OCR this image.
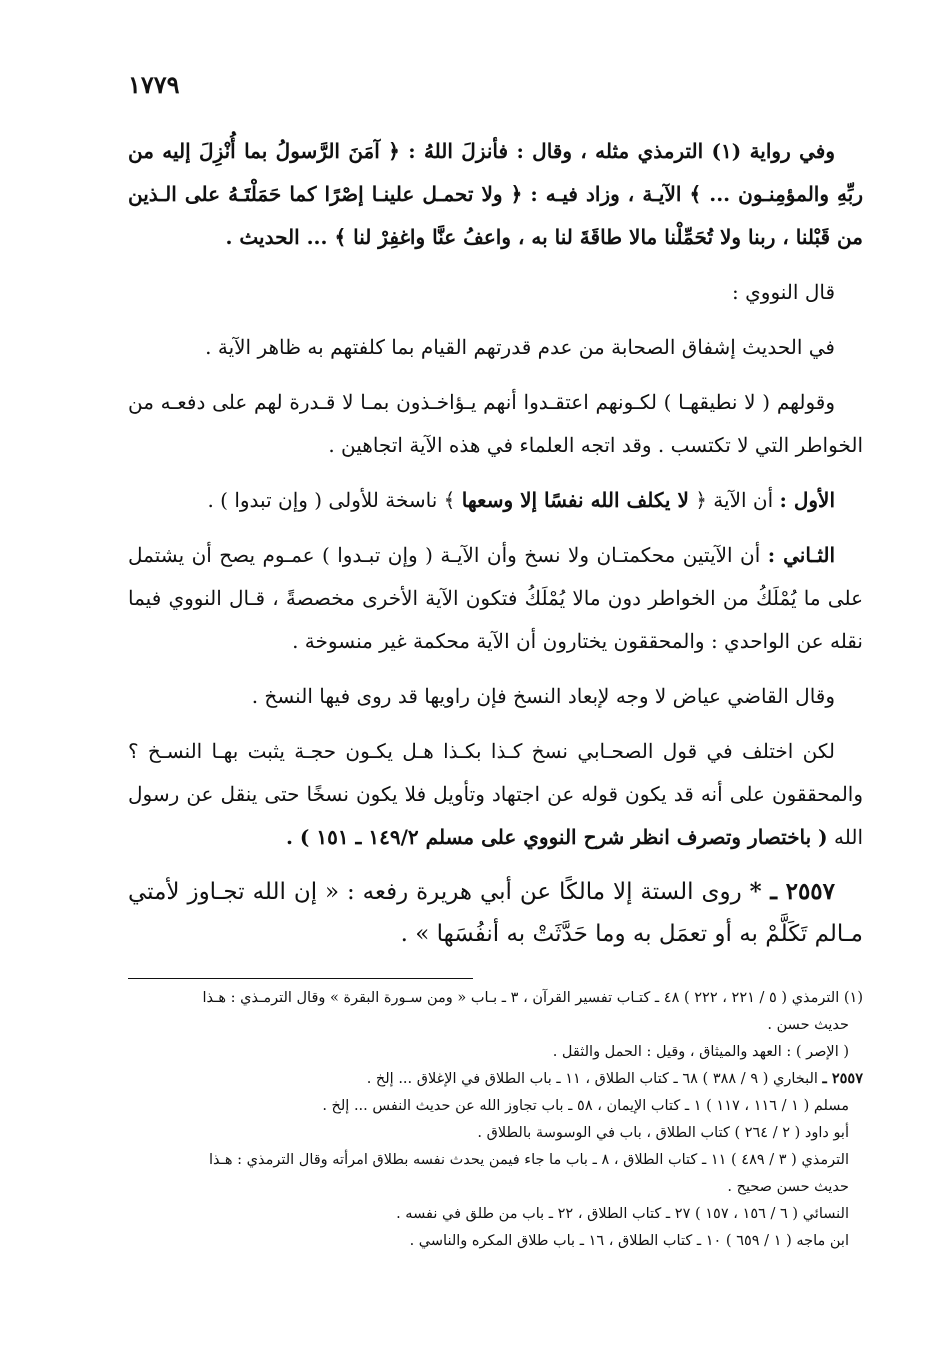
١٧٧٩

وفي رواية (١) الترمذي مثله ، وقال : فأنزلَ اللهُ : ﴿ آمَنَ الرَّسولُ بما أُنْزِلَ إليه من ربِّهِ والمؤمِنـون ... ﴾ الآيـة ، وزاد فيـه : ﴿ ولا تحمـل علينـا إصْرًا كما حَمَلْتَـهُ على الـذين من قَبْلنا ، ربنا ولا تُحَمِّلْنا مالا طاقَةَ لنا به ، واعفُ عنَّا واغفِرْ لنا ﴾ ... الحديث .

قال النووي :

في الحديث إشفاق الصحابة من عدم قدرتهم القيام بما كلفتهم به ظاهر الآية .

وقولهم ( لا نطيقهـا ) لكـونهم اعتقـدوا أنهم يـؤاخـذون بمـا لا قـدرة لهم على دفعـه من الخواطر التي لا تكتسب . وقد اتجه العلماء في هذه الآية اتجاهين .

الأول : أن الآية ﴿ لا يكلف الله نفسًا إلا وسعها ﴾ ناسخة للأولى ( وإن تبدوا ) .

الثـاني : أن الآيتين محكمتـان ولا نسخ وأن الآيـة ( وإن تبـدوا ) عمـوم يصح أن يشتمل على ما يُمْلَكُ من الخواطر دون مالا يُمْلَكُ فتكون الآية الأخرى مخصصةً ، قـال النووي فيما نقله عن الواحدي : والمحققون يختارون أن الآية محكمة غير منسوخة .

وقال القاضي عياض لا وجه لإبعاد النسخ فإن راويها قد روى فيها النسخ .

لكن اختلف في قول الصحـابي نسخ كـذا بكـذا هـل يكـون حجـة يثبت بهـا النسـخ ؟ والمحققون على أنه قد يكون قوله عن اجتهاد وتأويل فلا يكون نسخًا حتى ينقل عن رسول الله ( باختصار وتصرف انظر شرح النووي على مسلم ١٤٩/٢ ـ ١٥١ ) .

٢٥٥٧ ـ * روى الستة إلا مالكًا عن أبي هريرة رفعه : « إن الله تجـاوز لأمتي مـالم تَكَلَّمْ به أو تعمَل به وما حَدَّثَتْ به أنفُسَها » .

(١) الترمذي ( ٥ / ٢٢١ ، ٢٢٢ ) ٤٨ ـ كتـاب تفسير القرآن ، ٣ ـ بـاب « ومن سـورة البقرة » وقال الترمـذي : هـذا
حديث حسن .
( الإصر ) : العهد والميثاق ، وقيل : الحمل والثقل .
٢٥٥٧ ـ البخاري ( ٩ / ٣٨٨ ) ٦٨ ـ كتاب الطلاق ، ١١ ـ باب الطلاق في الإغلاق ... إلخ .
مسلم ( ١ / ١١٦ ، ١١٧ ) ١ ـ كتاب الإيمان ، ٥٨ ـ باب تجاوز الله عن حديث النفس ... إلخ .
أبو داود ( ٢ / ٢٦٤ ) كتاب الطلاق ، باب في الوسوسة بالطلاق .
الترمذي ( ٣ / ٤٨٩ ) ١١ ـ كتاب الطلاق ، ٨ ـ باب ما جاء فيمن يحدث نفسه بطلاق امرأته وقال الترمذي : هـذا
حديث حسن صحيح .
النسائي ( ٦ / ١٥٦ ، ١٥٧ ) ٢٧ ـ كتاب الطلاق ، ٢٢ ـ باب من طلق في نفسه .
ابن ماجه ( ١ / ٦٥٩ ) ١٠ ـ كتاب الطلاق ، ١٦ ـ باب طلاق المكره والناسي .
